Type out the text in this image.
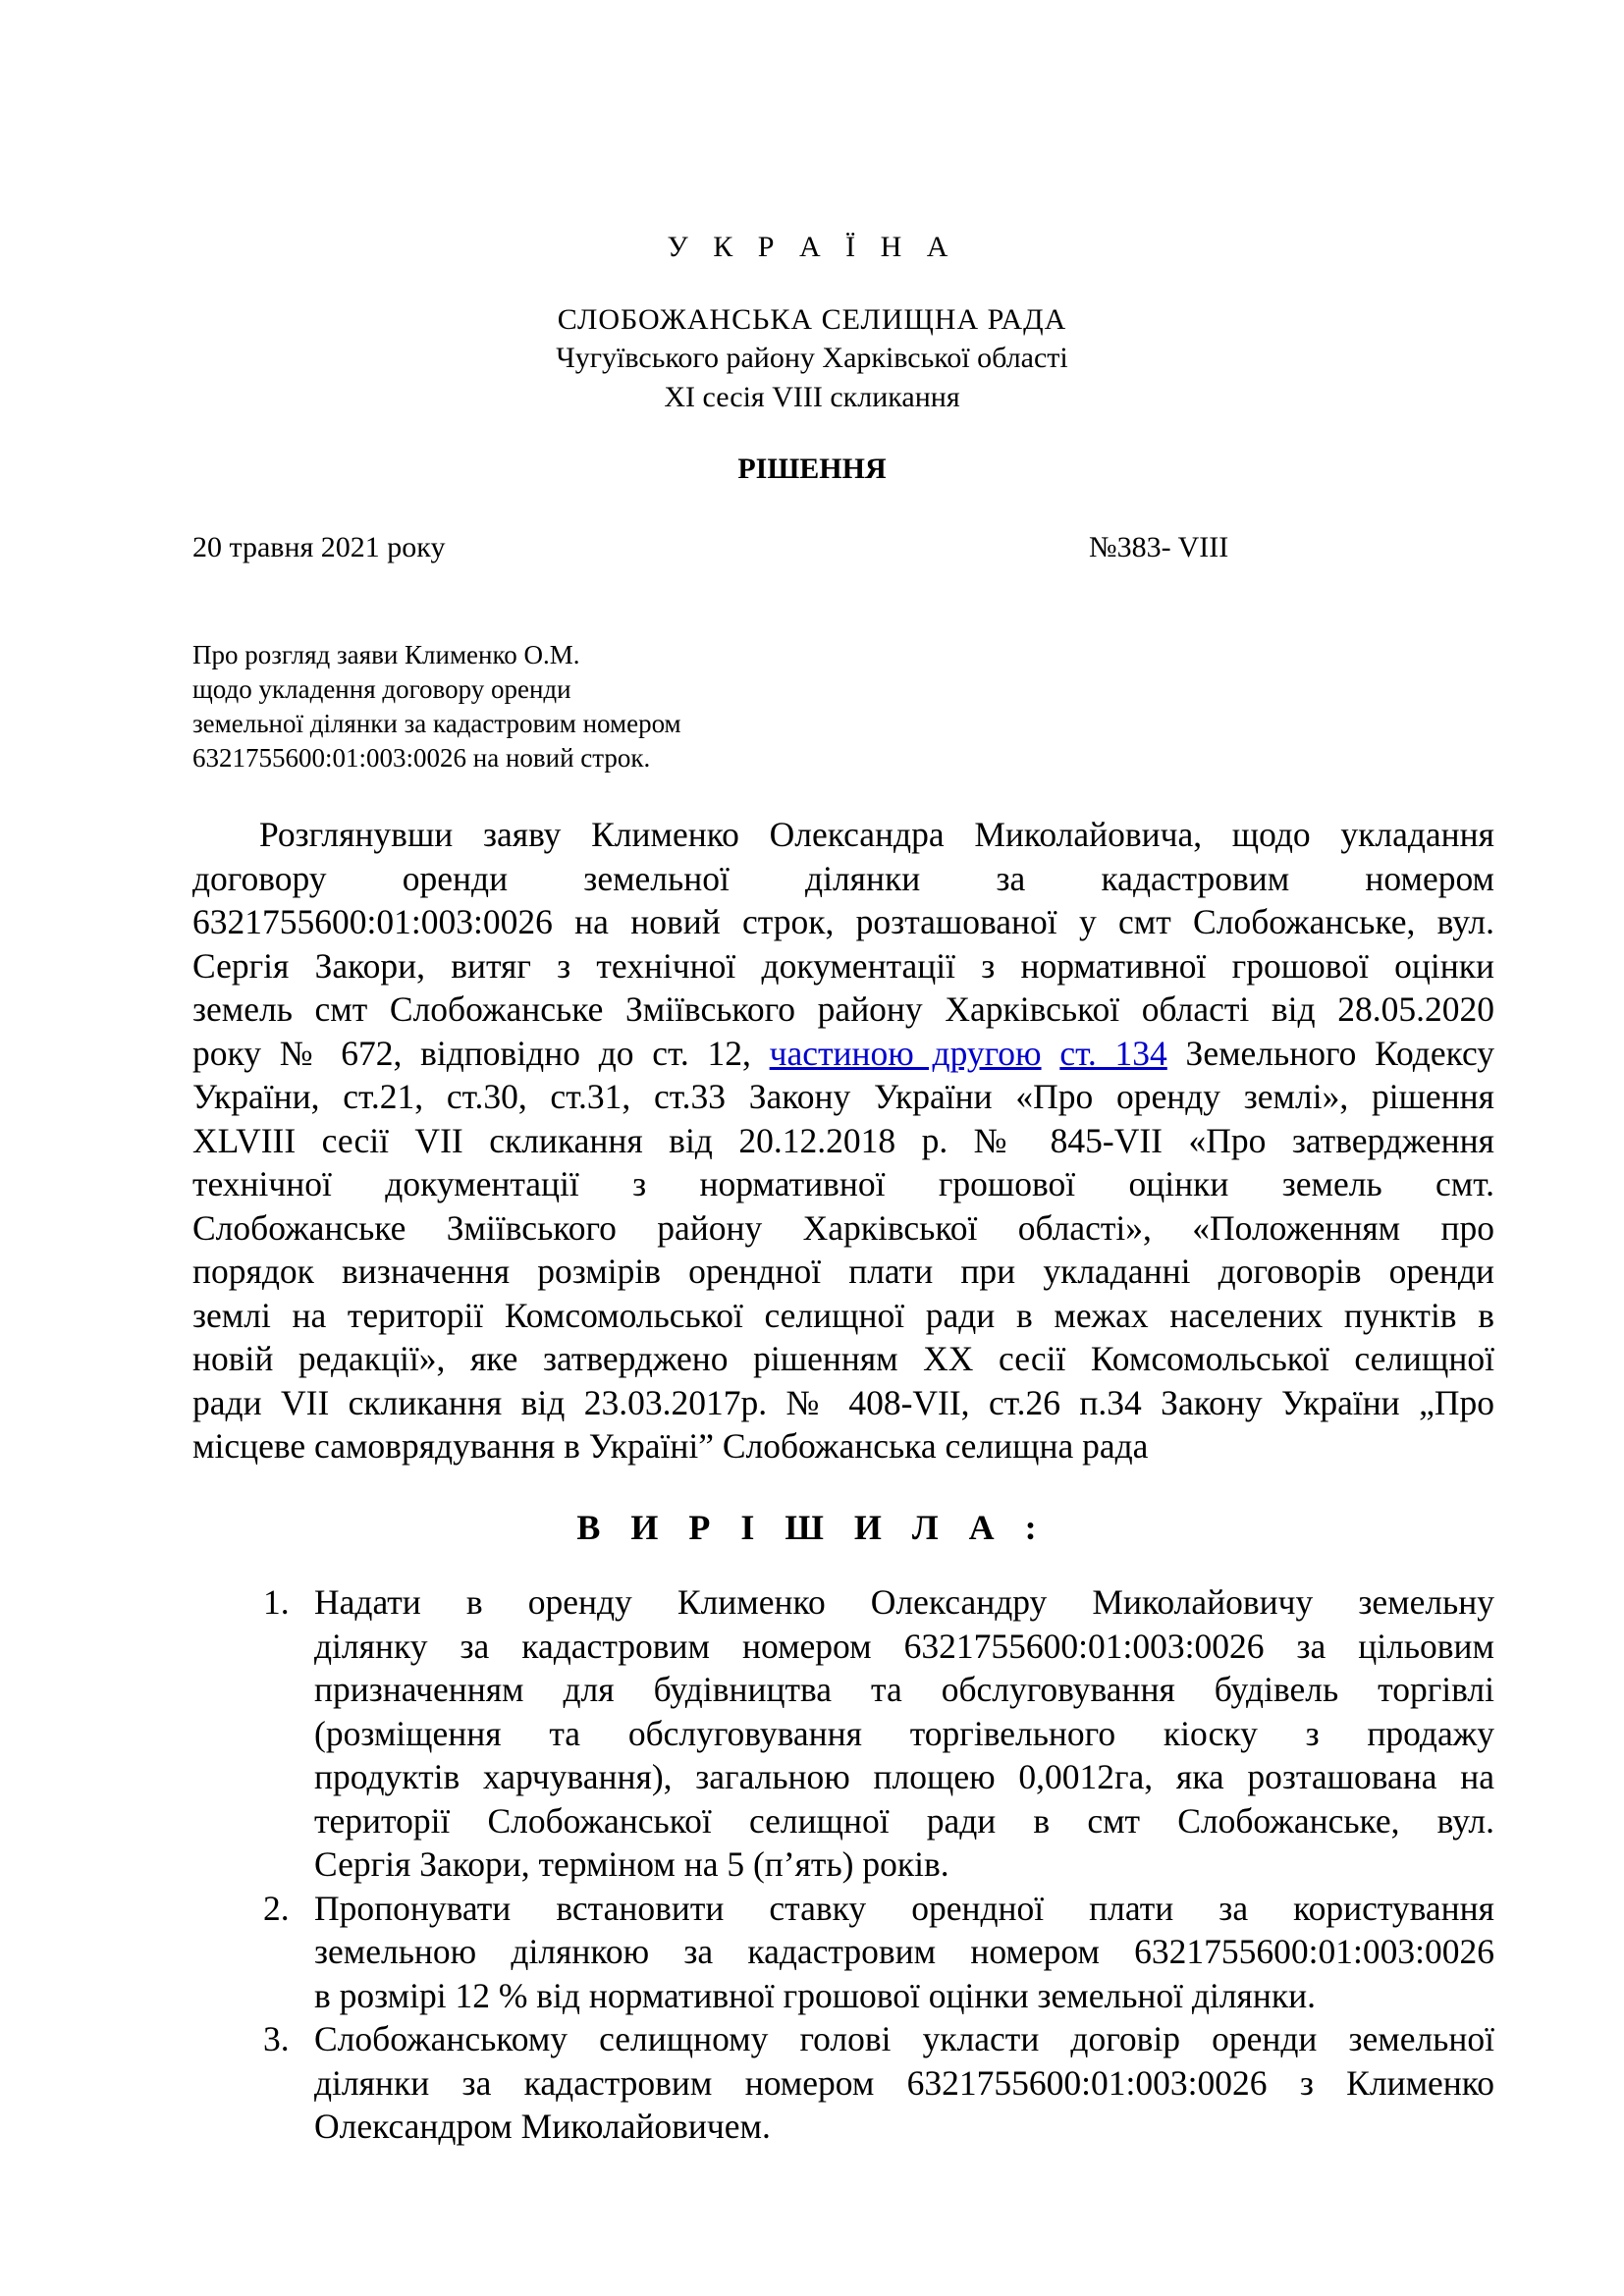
У К Р А Ї Н А
СЛОБОЖАНСЬКА СЕЛИЩНА РАДА
Чугуївського району Харківської області
ХІ сесія VIII скликання
РІШЕННЯ
20 травня 2021 року	№383- VIII
Про розгляд заяви Клименко О.М.
щодо укладення договору оренди
земельної ділянки за кадастровим номером
6321755600:01:003:0026 на новий строк.
Розглянувши заяву Клименко Олександра Миколайовича, щодо укладання
договору оренди земельної ділянки за кадастровим номером
6321755600:01:003:0026 на новий строк, розташованої у смт Слобожанське, вул.
Сергія Закори, витяг з технічної документації з нормативної грошової оцінки
земель смт Слобожанське Зміївського району Харківської області від 28.05.2020
року № 672, відповідно до ст. 12, частиною другою ст. 134 Земельного Кодексу
України, ст.21, ст.30, ст.31, ст.33 Закону України «Про оренду землі», рішення
XLVIII сесії VII скликання від 20.12.2018 р. № 845-VII «Про затвердження
технічної документації з нормативної грошової оцінки земель смт.
Слобожанське Зміївського району Харківської області», «Положенням про
порядок визначення розмірів орендної плати при укладанні договорів оренди
землі на території Комсомольської селищної ради в межах населених пунктів в
новій редакції», яке затверджено рішенням XX сесії Комсомольської селищної
ради VII скликання від 23.03.2017р. № 408-VII, ст.26 п.34 Закону України „Про
місцеве самоврядування в Україні” Слобожанська селищна рада
В И Р І Ш И Л А :
1. Надати в оренду Клименко Олександру Миколайовичу земельну
ділянку за кадастровим номером 6321755600:01:003:0026 за цільовим
призначенням для будівництва та обслуговування будівель торгівлі
(розміщення та обслуговування торгівельного кіоску з продажу
продуктів харчування), загальною площею 0,0012га, яка розташована на
території Слобожанської селищної ради в смт Слобожанське, вул.
Сергія Закори, терміном на 5 (п’ять) років.
2. Пропонувати встановити ставку орендної плати за користування
земельною ділянкою за кадастровим номером 6321755600:01:003:0026
в розмірі 12 % від нормативної грошової оцінки земельної ділянки.
3. Слобожанському селищному голові укласти договір оренди земельної
ділянки за кадастровим номером 6321755600:01:003:0026 з Клименко
Олександром Миколайовичем.
